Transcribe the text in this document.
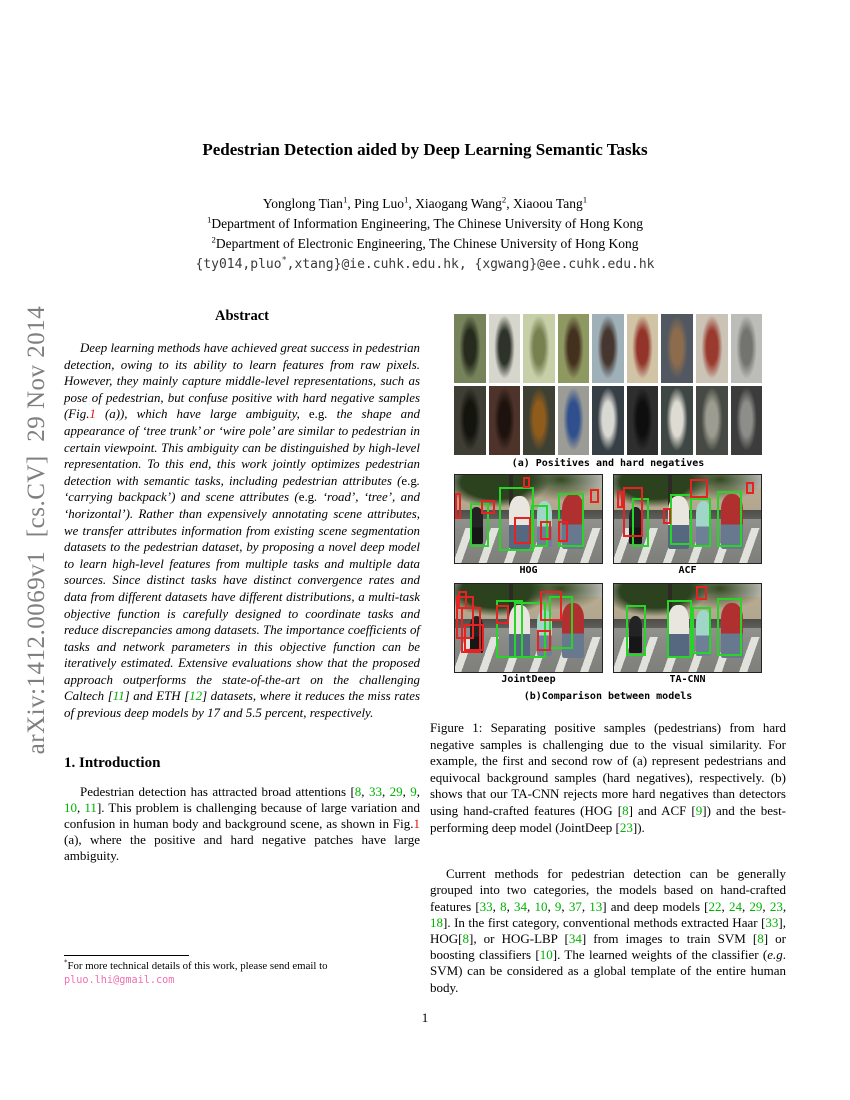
arXiv:1412.0069v1  [cs.CV]  29 Nov 2014
Pedestrian Detection aided by Deep Learning Semantic Tasks
Yonglong Tian$^1$, Ping Luo$^1$, Xiaogang Wang$^2$, Xiaoou Tang$^1$
$^1$Department of Information Engineering, The Chinese University of Hong Kong
$^2$Department of Electronic Engineering, The Chinese University of Hong Kong
{ty014,pluo*,xtang}@ie.cuhk.edu.hk, {xgwang}@ee.cuhk.edu.hk
Abstract
Deep learning methods have achieved great success in pedestrian detection, owing to its ability to learn features from raw pixels. However, they mainly capture middle-level representations, such as pose of pedestrian, but confuse positive with hard negative samples (Fig.1 (a)), which have large ambiguity, e.g. the shape and appearance of ‘tree trunk’ or ‘wire pole’ are similar to pedestrian in certain viewpoint. This ambiguity can be distinguished by high-level representation. To this end, this work jointly optimizes pedestrian detection with semantic tasks, including pedestrian attributes (e.g. ‘carrying backpack’) and scene attributes (e.g. ‘road’, ‘tree’, and ‘horizontal’). Rather than expensively annotating scene attributes, we transfer attributes information from existing scene segmentation datasets to the pedestrian dataset, by proposing a novel deep model to learn high-level features from multiple tasks and multiple data sources. Since distinct tasks have distinct convergence rates and data from different datasets have different distributions, a multi-task objective function is carefully designed to coordinate tasks and reduce discrepancies among datasets. The importance coefficients of tasks and network parameters in this objective function can be iteratively estimated. Extensive evaluations show that the proposed approach outperforms the state-of-the-art on the challenging Caltech [11] and ETH [12] datasets, where it reduces the miss rates of previous deep models by 17 and 5.5 percent, respectively.
1. Introduction
Pedestrian detection has attracted broad attentions [8, 33, 29, 9, 10, 11]. This problem is challenging because of large variation and confusion in human body and background scene, as shown in Fig.1 (a), where the positive and hard negative patches have large ambiguity.
*For more technical details of this work, please send email to pluo.lhi@gmail.com
(a) Positives and hard negatives
HOG	ACF
JointDeep	TA-CNN
(b)Comparison between models
Figure 1: Separating positive samples (pedestrians) from hard negative samples is challenging due to the visual similarity. For example, the first and second row of (a) represent pedestrians and equivocal background samples (hard negatives), respectively. (b) shows that our TA-CNN rejects more hard negatives than detectors using hand-crafted features (HOG [8] and ACF [9]) and the best-performing deep model (JointDeep [23]).
Current methods for pedestrian detection can be generally grouped into two categories, the models based on hand-crafted features [33, 8, 34, 10, 9, 37, 13] and deep models [22, 24, 29, 23, 18]. In the first category, conventional methods extracted Haar [33], HOG[8], or HOG-LBP [34] from images to train SVM [8] or boosting classifiers [10]. The learned weights of the classifier (e.g. SVM) can be considered as a global template of the entire human body.
1
